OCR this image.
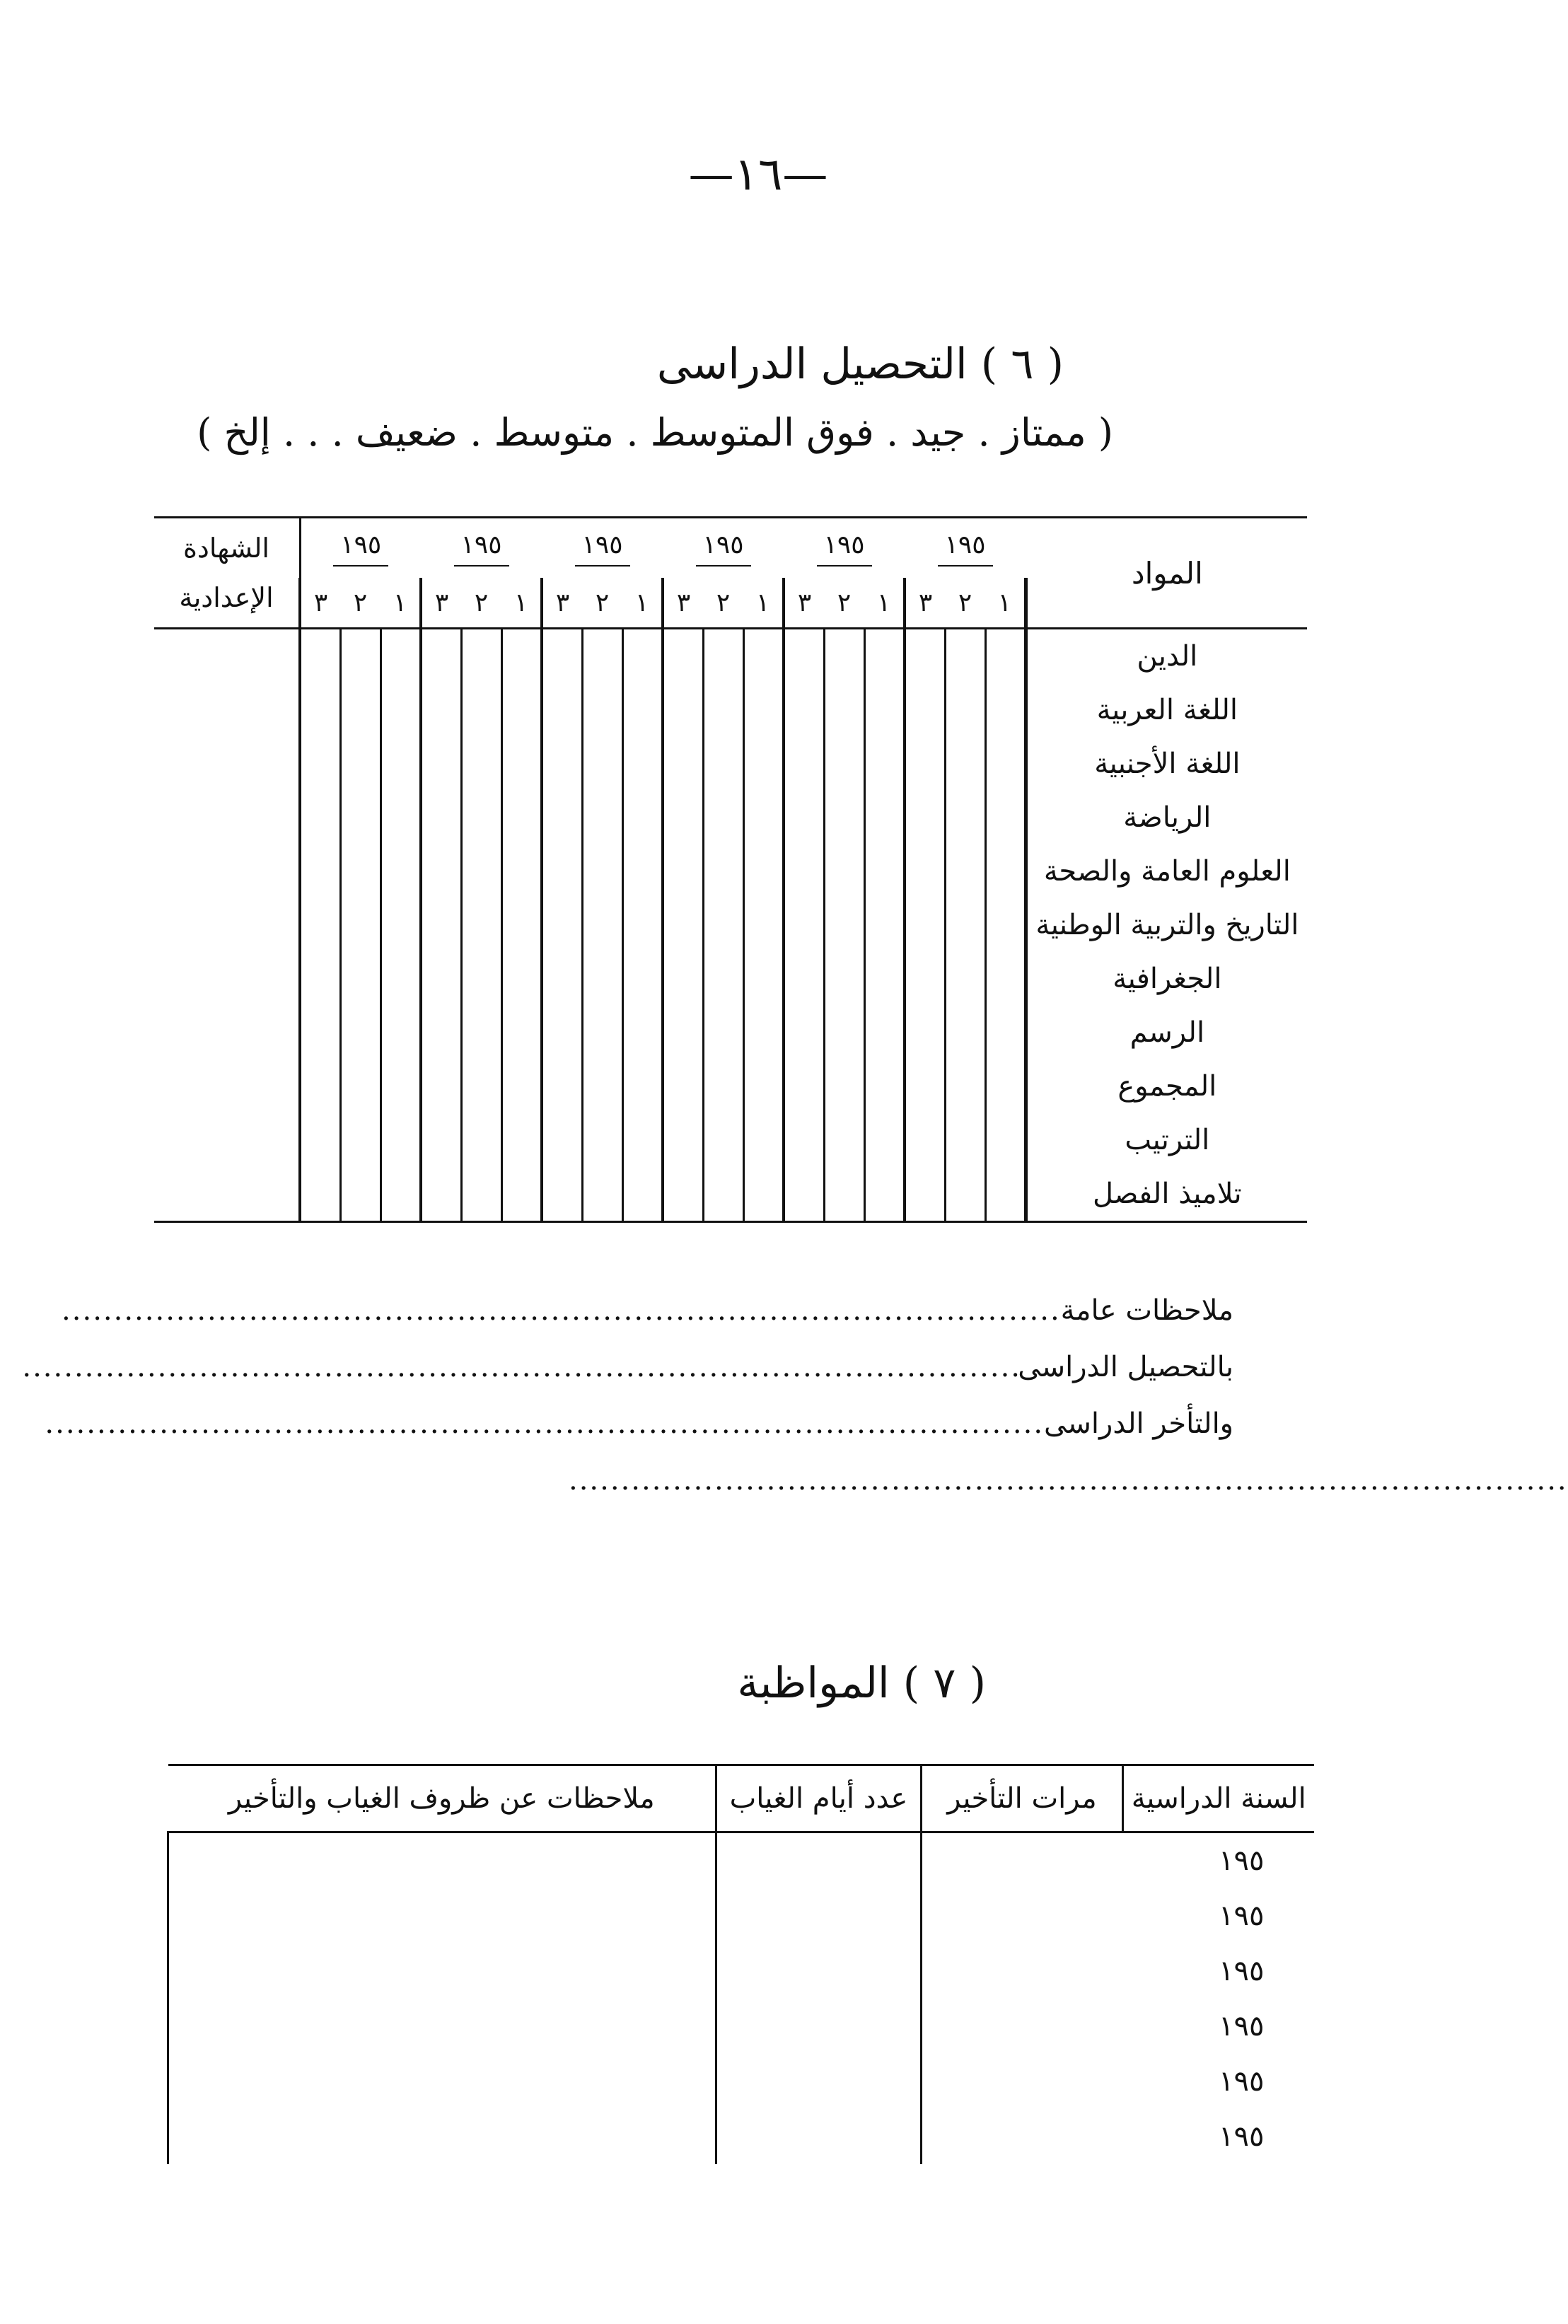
—١٦—
( ٦ ) التحصيل الدراسى
( ممتاز . جيد . فوق المتوسط . متوسط . ضعيف . . . إلخ )
المواد	١٩٥			١٩٥			١٩٥			١٩٥			١٩٥			١٩٥			الشهادة
الإعدادية

	١	٢	٣	١	٢	٣	١	٢	٣	١	٢	٣	١	٢	٣	١	٢	٣	

الدين																			
اللغة العربية																			
اللغة الأجنبية																			
الرياضة																			
العلوم العامة والصحة																			
التاريخ والتربية الوطنية																			
الجغرافية																			
الرسم																			
المجموع																			
الترتيب																			
تلاميذ الفصل																			
ملاحظات عامة
................................................................................................
بالتحصيل الدراسى
................................................................................................
والتأخر الدراسى
................................................................................................
................................................................................................
( ٧ ) المواظبة
السنة الدراسية	مرات التأخير	عدد أيام الغياب	ملاحظات عن ظروف الغياب والتأخير
١٩٥			
١٩٥			
١٩٥			
١٩٥			
١٩٥			
١٩٥			
